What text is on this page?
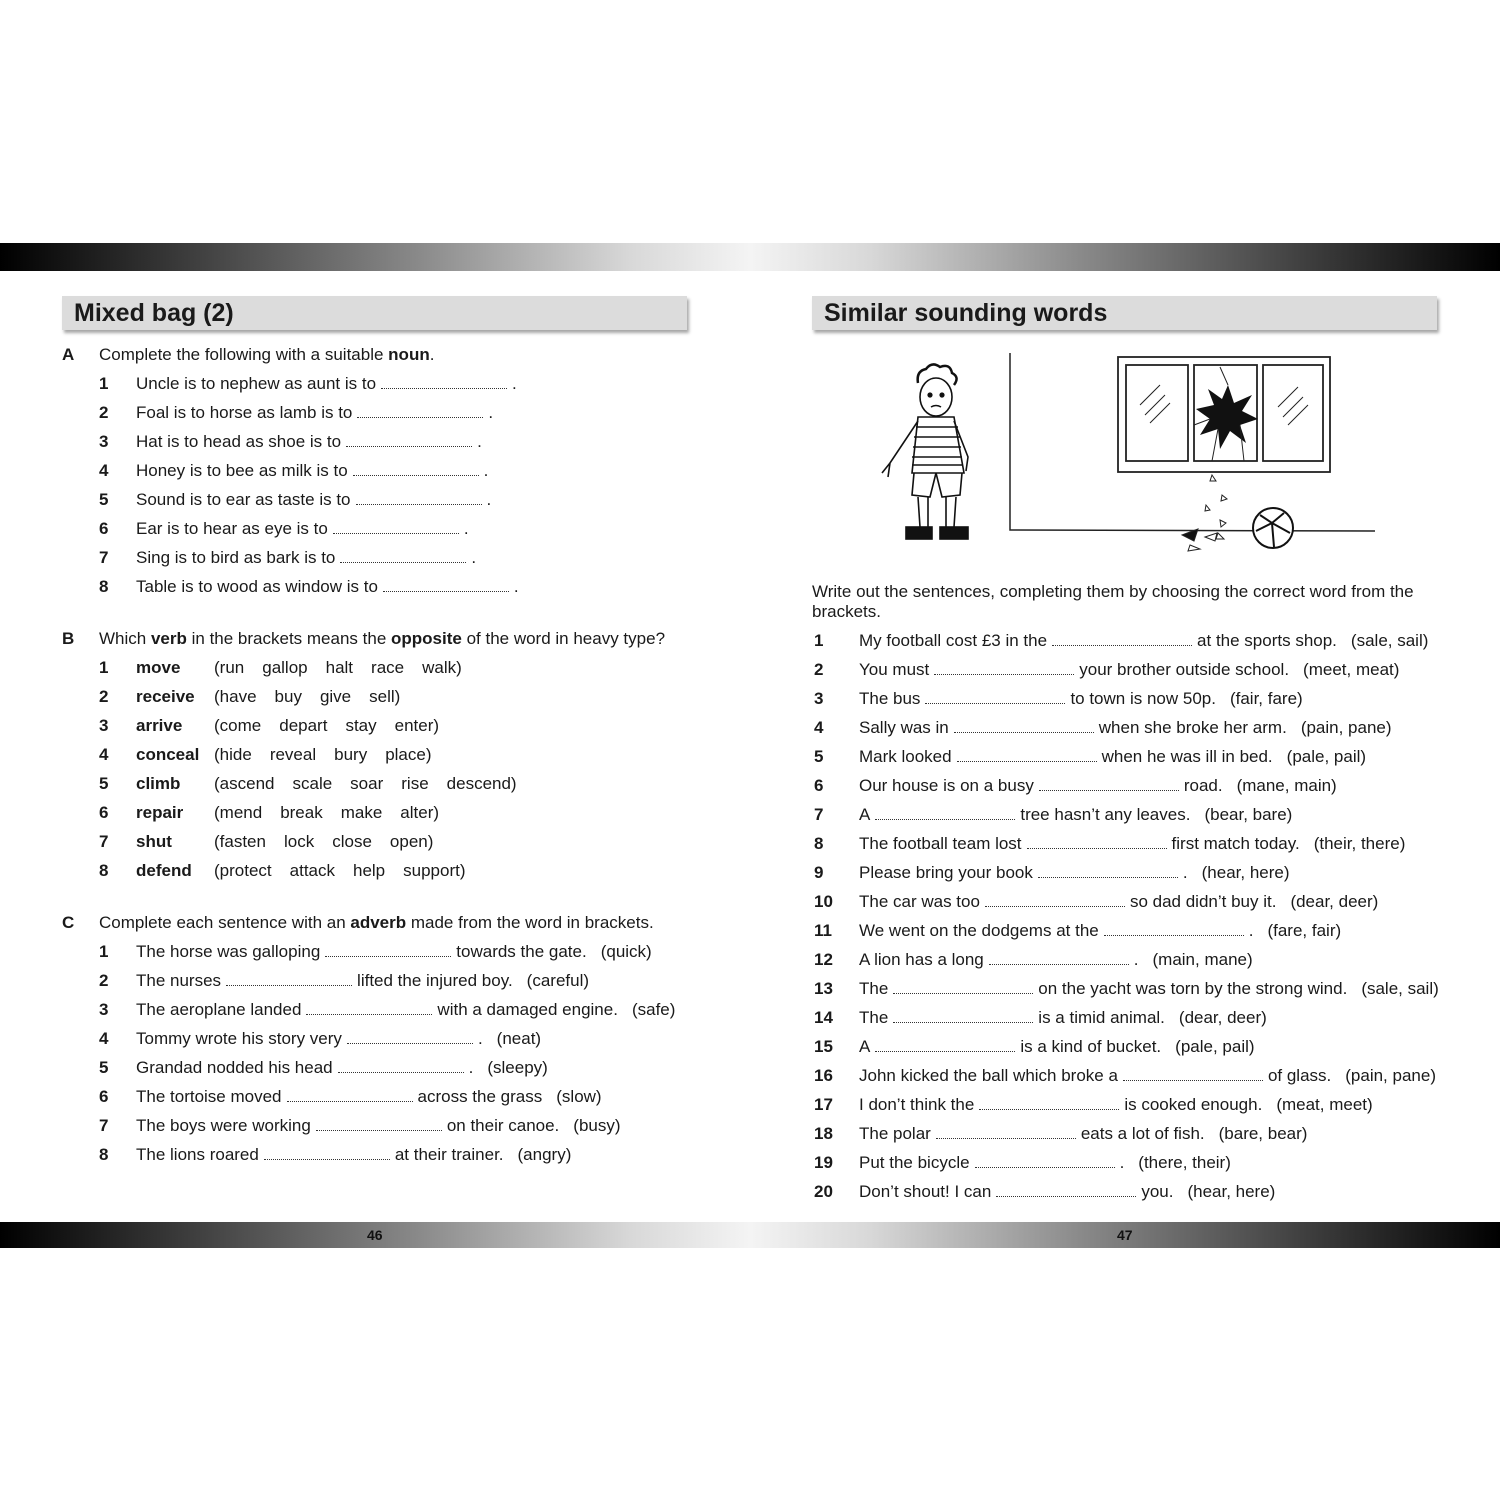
46	47
Mixed bag (2)
A Complete the following with a suitable noun.
1 Uncle is to nephew as aunt is to	.
2 Foal is to horse as lamb is to	.
3 Hat is to head as shoe is to	.
4 Honey is to bee as milk is to	.
5 Sound is to ear as taste is to	.
6 Ear is to hear as eye is to	.
7 Sing is to bird as bark is to	.
8 Table is to wood as window is to	.
B Which verb in the brackets means the opposite of the word in heavy type?
1 move (run gallop halt race walk)
2 receive (have buy give sell)
3 arrive (come depart stay enter)
4 conceal (hide reveal bury place)
5 climb (ascend scale soar rise descend)
6 repair (mend break make alter)
7 shut (fasten lock close open)
8 defend (protect attack help support)
C Complete each sentence with an adverb made from the word in brackets.
1 The horse was galloping	towards the gate. (quick)
2 The nurses	lifted the injured boy. (careful)
3 The aeroplane landed	with a damaged engine. (safe)
4 Tommy wrote his story very	. (neat)
5 Grandad nodded his head	. (sleepy)
6 The tortoise moved	across the grass (slow)
7 The boys were working	on their canoe. (busy)
8 The lions roared	at their trainer. (angry)
Similar sounding words
Write out the sentences, completing them by choosing the correct word from the brackets.
1 My football cost £3 in the	at the sports shop. (sale, sail)
2 You must	your brother outside school. (meet, meat)
3 The bus	to town is now 50p. (fair, fare)
4 Sally was in	when she broke her arm. (pain, pane)
5 Mark looked	when he was ill in bed. (pale, pail)
6 Our house is on a busy	road. (mane, main)
7 A	tree hasn’t any leaves. (bear, bare)
8 The football team lost	first match today. (their, there)
9 Please bring your book	. (hear, here)
10 The car was too	so dad didn’t buy it. (dear, deer)
11 We went on the dodgems at the	. (fare, fair)
12 A lion has a long	. (main, mane)
13 The	on the yacht was torn by the strong wind. (sale, sail)
14 The	is a timid animal. (dear, deer)
15 A	is a kind of bucket. (pale, pail)
16 John kicked the ball which broke a	of glass. (pain, pane)
17 I don’t think the	is cooked enough. (meat, meet)
18 The polar	eats a lot of fish. (bare, bear)
19 Put the bicycle	. (there, their)
20 Don’t shout! I can	you. (hear, here)
